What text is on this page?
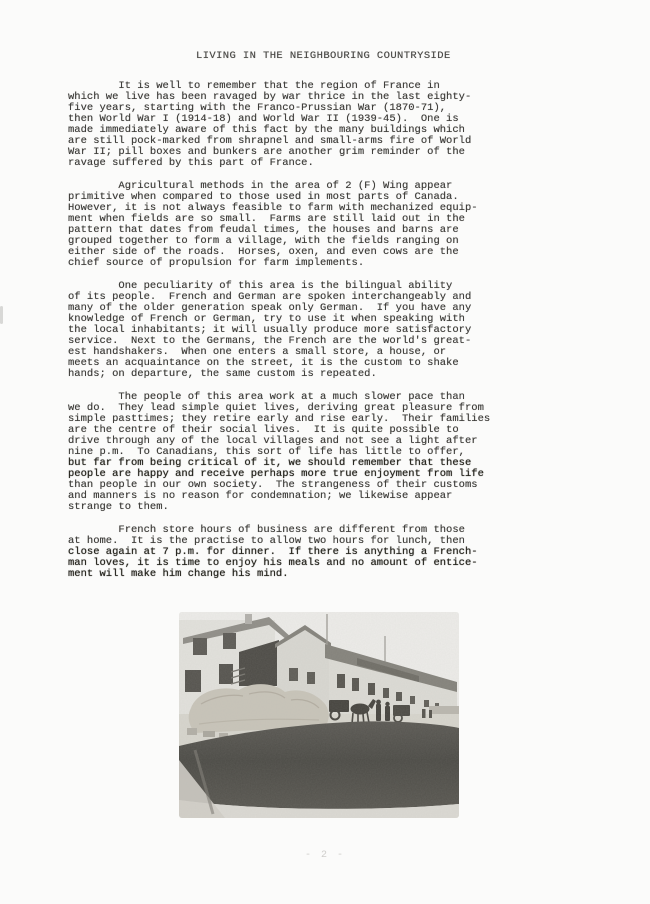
LIVING IN THE NEIGHBOURING COUNTRYSIDE

It is well to remember that the region of France in
which we live has been ravaged by war thrice in the last eighty-
five years, starting with the Franco-Prussian War (1870-71),
then World War I (1914-18) and World War II (1939-45).  One is
made immediately aware of this fact by the many buildings which
are still pock-marked from shrapnel and small-arms fire of World
War II; pill boxes and bunkers are another grim reminder of the
ravage suffered by this part of France.

Agricultural methods in the area of 2 (F) Wing appear
primitive when compared to those used in most parts of Canada.
However, it is not always feasible to farm with mechanized equip-
ment when fields are so small.  Farms are still laid out in the
pattern that dates from feudal times, the houses and barns are
grouped together to form a village, with the fields ranging on
either side of the roads.  Horses, oxen, and even cows are the
chief source of propulsion for farm implements.

One peculiarity of this area is the bilingual ability
of its people.  French and German are spoken interchangeably and
many of the older generation speak only German.  If you have any
knowledge of French or German, try to use it when speaking with
the local inhabitants; it will usually produce more satisfactory
service.  Next to the Germans, the French are the world's great-
est handshakers.  When one enters a small store, a house, or
meets an acquaintance on the street, it is the custom to shake
hands; on departure, the same custom is repeated.

The people of this area work at a much slower pace than
we do.  They lead simple quiet lives, deriving great pleasure from
simple pasttimes; they retire early and rise early.  Their families
are the centre of their social lives.  It is quite possible to
drive through any of the local villages and not see a light after
nine p.m.  To Canadians, this sort of life has little to offer,
but far from being critical of it, we should remember that these
people are happy and receive perhaps more true enjoyment from life
than people in our own society.  The strangeness of their customs
and manners is no reason for condemnation; we likewise appear
strange to them.

French store hours of business are different from those
at home.  It is the practise to allow two hours for lunch, then
close again at 7 p.m. for dinner.  If there is anything a French-
man loves, it is time to enjoy his meals and no amount of entice-
ment will make him change his mind.

- 2 -
